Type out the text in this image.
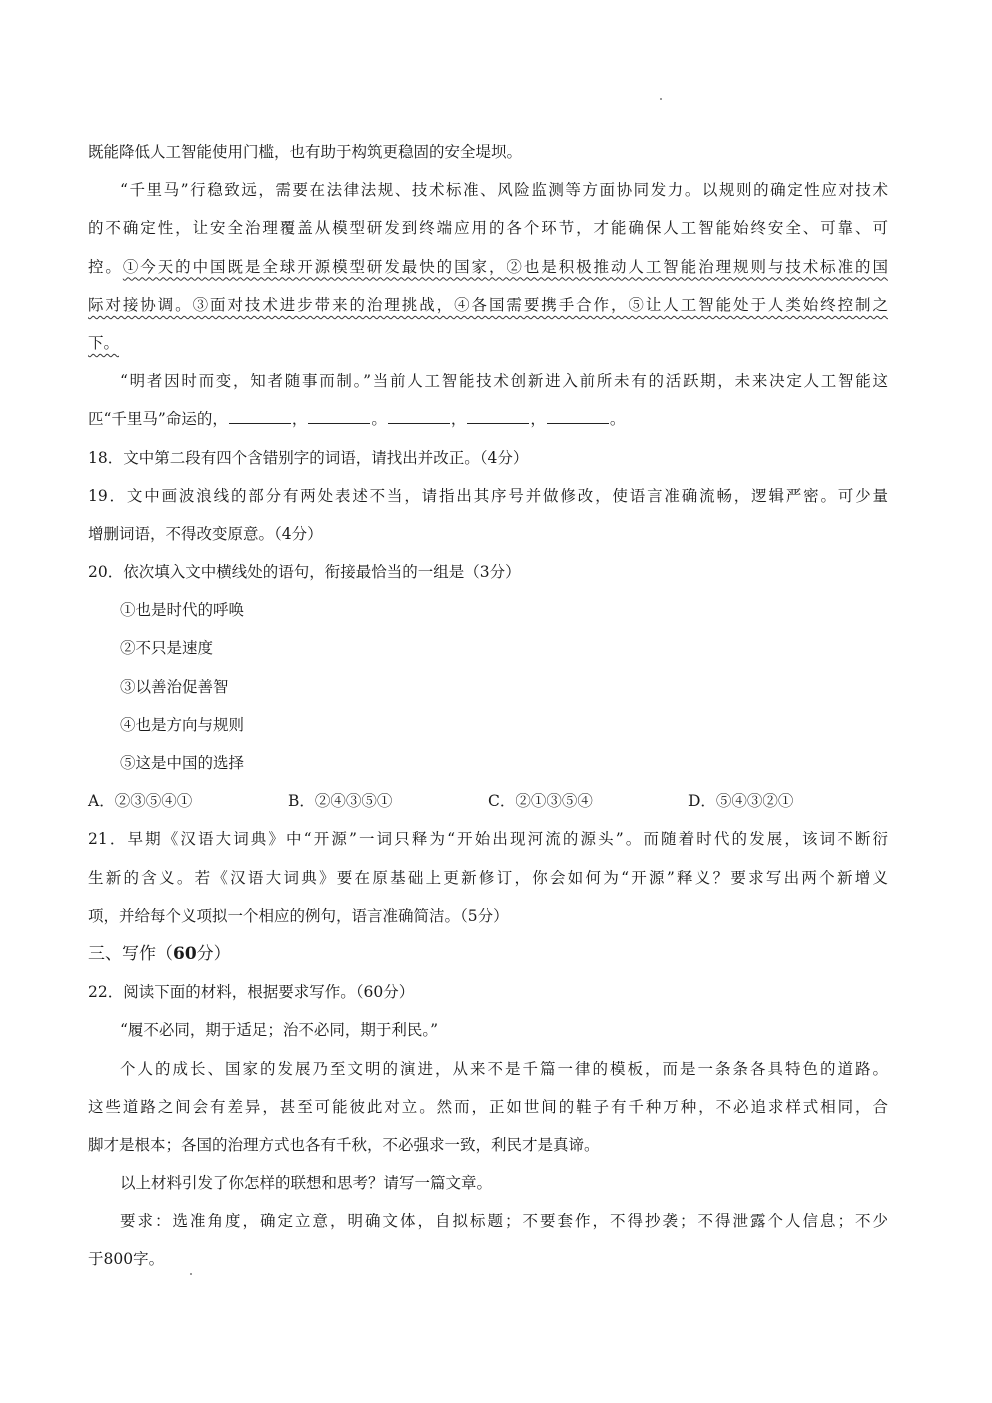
既能降低人工智能使用门槛，也有助于构筑更稳固的安全堤坝。
“千里马”行稳致远，需要在法律法规、技术标准、风险监测等方面协同发力。以规则的确定性应对技术
的不确定性，让安全治理覆盖从模型研发到终端应用的各个环节，才能确保人工智能始终安全、可靠、可
控。①今天的中国既是全球开源模型研发最快的国家，②也是积极推动人工智能治理规则与技术标准的国
际对接协调。③面对技术进步带来的治理挑战，④各国需要携手合作，⑤让人工智能处于人类始终控制之
下。
“明者因时而变，知者随事而制。”当前人工智能技术创新进入前所未有的活跃期，未来决定人工智能这
匹“千里马”命运的，	，	。	，	，	。
18．文中第二段有四个含错别字的词语，请找出并改正。（4分）
19．文中画波浪线的部分有两处表述不当，请指出其序号并做修改，使语言准确流畅，逻辑严密。可少量
增删词语，不得改变原意。（4分）
20．依次填入文中横线处的语句，衔接最恰当的一组是（3分）
①也是时代的呼唤
②不只是速度
③以善治促善智
④也是方向与规则
⑤这是中国的选择
A．②③⑤④①	B．②④③⑤①	C．②①③⑤④	D．⑤④③②①
21．早期《汉语大词典》中“开源”一词只释为“开始出现河流的源头”。而随着时代的发展，该词不断衍
生新的含义。若《汉语大词典》要在原基础上更新修订，你会如何为“开源”释义？要求写出两个新增义
项，并给每个义项拟一个相应的例句，语言准确简洁。（5分）
三、写作（60分）
22．阅读下面的材料，根据要求写作。（60分）
“履不必同，期于适足；治不必同，期于利民。”
个人的成长、国家的发展乃至文明的演进，从来不是千篇一律的模板，而是一条条各具特色的道路。
这些道路之间会有差异，甚至可能彼此对立。然而，正如世间的鞋子有千种万种，不必追求样式相同，合
脚才是根本；各国的治理方式也各有千秋，不必强求一致，利民才是真谛。
以上材料引发了你怎样的联想和思考？请写一篇文章。
要求：选准角度，确定立意，明确文体，自拟标题；不要套作，不得抄袭；不得泄露个人信息；不少
于800字。
